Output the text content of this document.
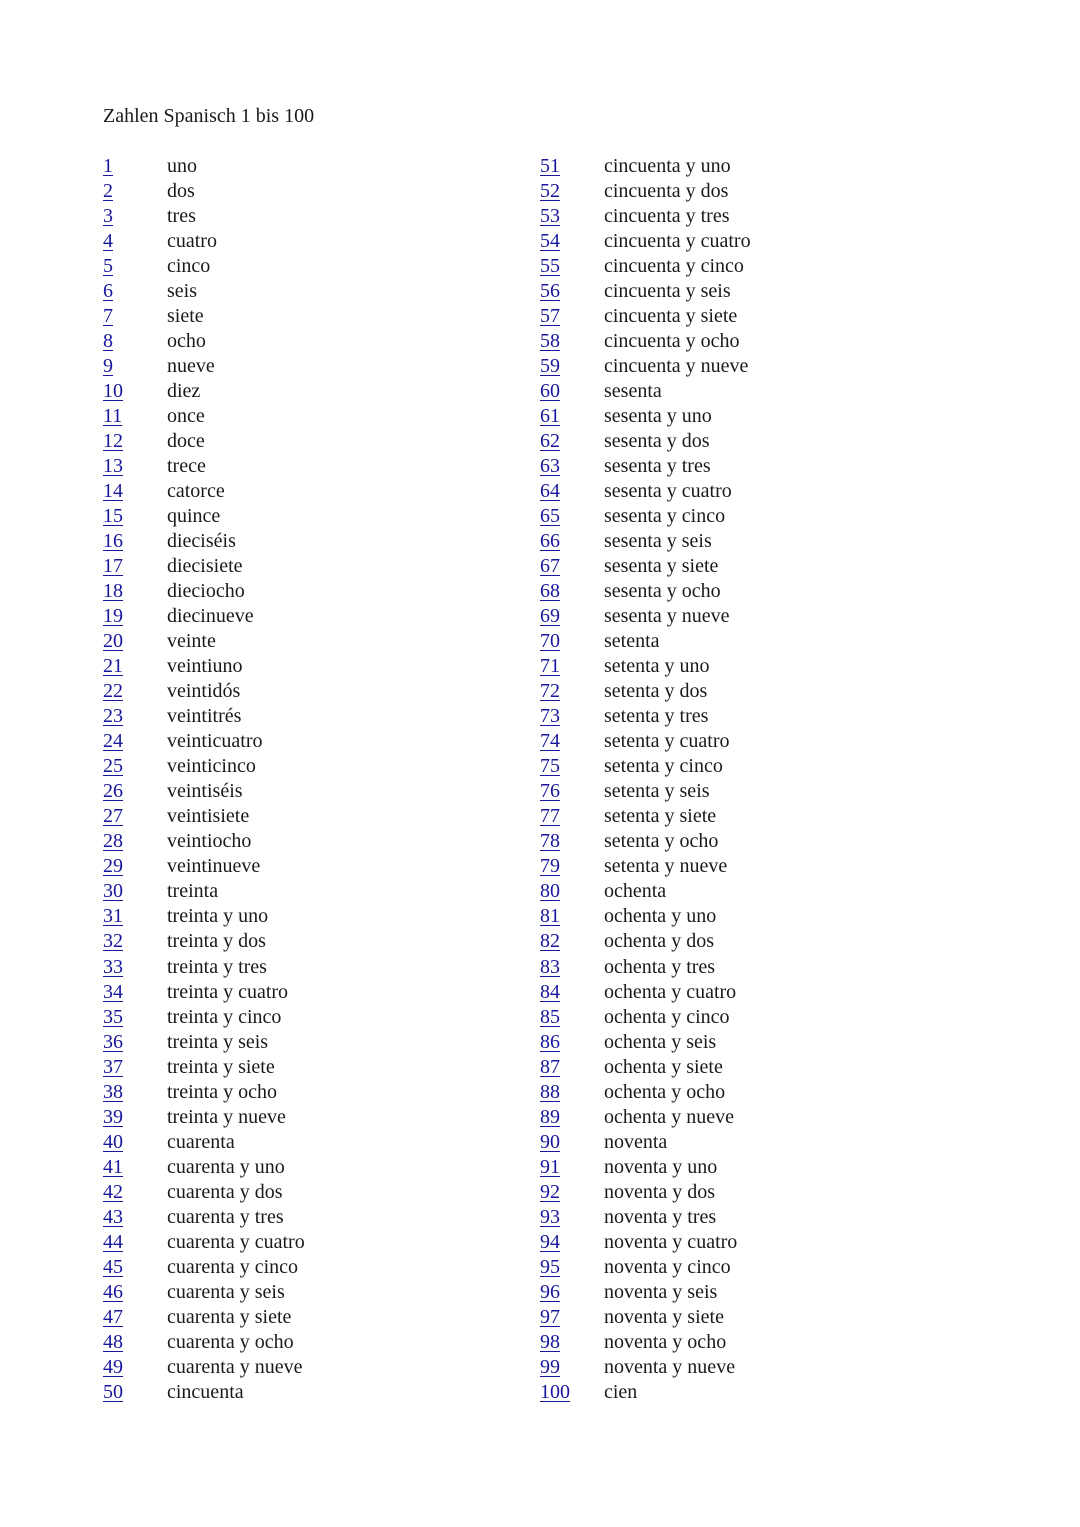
Zahlen Spanisch 1 bis 100
1	uno
2	dos
3	tres
4	cuatro
5	cinco
6	seis
7	siete
8	ocho
9	nueve
10 diez
11 once
12 doce
13 trece
14 catorce
15 quince
16 dieciséis
17 diecisiete
18 dieciocho
19 diecinueve
20 veinte
21 veintiuno
22 veintidós
23 veintitrés
24 veinticuatro
25 veinticinco
26 veintiséis
27 veintisiete
28 veintiocho
29 veintinueve
30 treinta
31 treinta y uno
32 treinta y dos
33 treinta y tres
34 treinta y cuatro
35 treinta y cinco
36 treinta y seis
37 treinta y siete
38 treinta y ocho
39 treinta y nueve
40 cuarenta
41 cuarenta y uno
42 cuarenta y dos
43 cuarenta y tres
44 cuarenta y cuatro
45 cuarenta y cinco
46 cuarenta y seis
47 cuarenta y siete
48 cuarenta y ocho
49 cuarenta y nueve
50 cincuenta
51 cincuenta y uno
52 cincuenta y dos
53 cincuenta y tres
54 cincuenta y cuatro
55 cincuenta y cinco
56 cincuenta y seis
57 cincuenta y siete
58 cincuenta y ocho
59 cincuenta y nueve
60 sesenta
61 sesenta y uno
62 sesenta y dos
63 sesenta y tres
64 sesenta y cuatro
65 sesenta y cinco
66 sesenta y seis
67 sesenta y siete
68 sesenta y ocho
69 sesenta y nueve
70 setenta
71 setenta y uno
72 setenta y dos
73 setenta y tres
74 setenta y cuatro
75 setenta y cinco
76 setenta y seis
77 setenta y siete
78 setenta y ocho
79 setenta y nueve
80 ochenta
81 ochenta y uno
82 ochenta y dos
83 ochenta y tres
84 ochenta y cuatro
85 ochenta y cinco
86 ochenta y seis
87 ochenta y siete
88 ochenta y ocho
89 ochenta y nueve
90 noventa
91 noventa y uno
92 noventa y dos
93 noventa y tres
94 noventa y cuatro
95 noventa y cinco
96 noventa y seis
97 noventa y siete
98 noventa y ocho
99 noventa y nueve
100 cien
